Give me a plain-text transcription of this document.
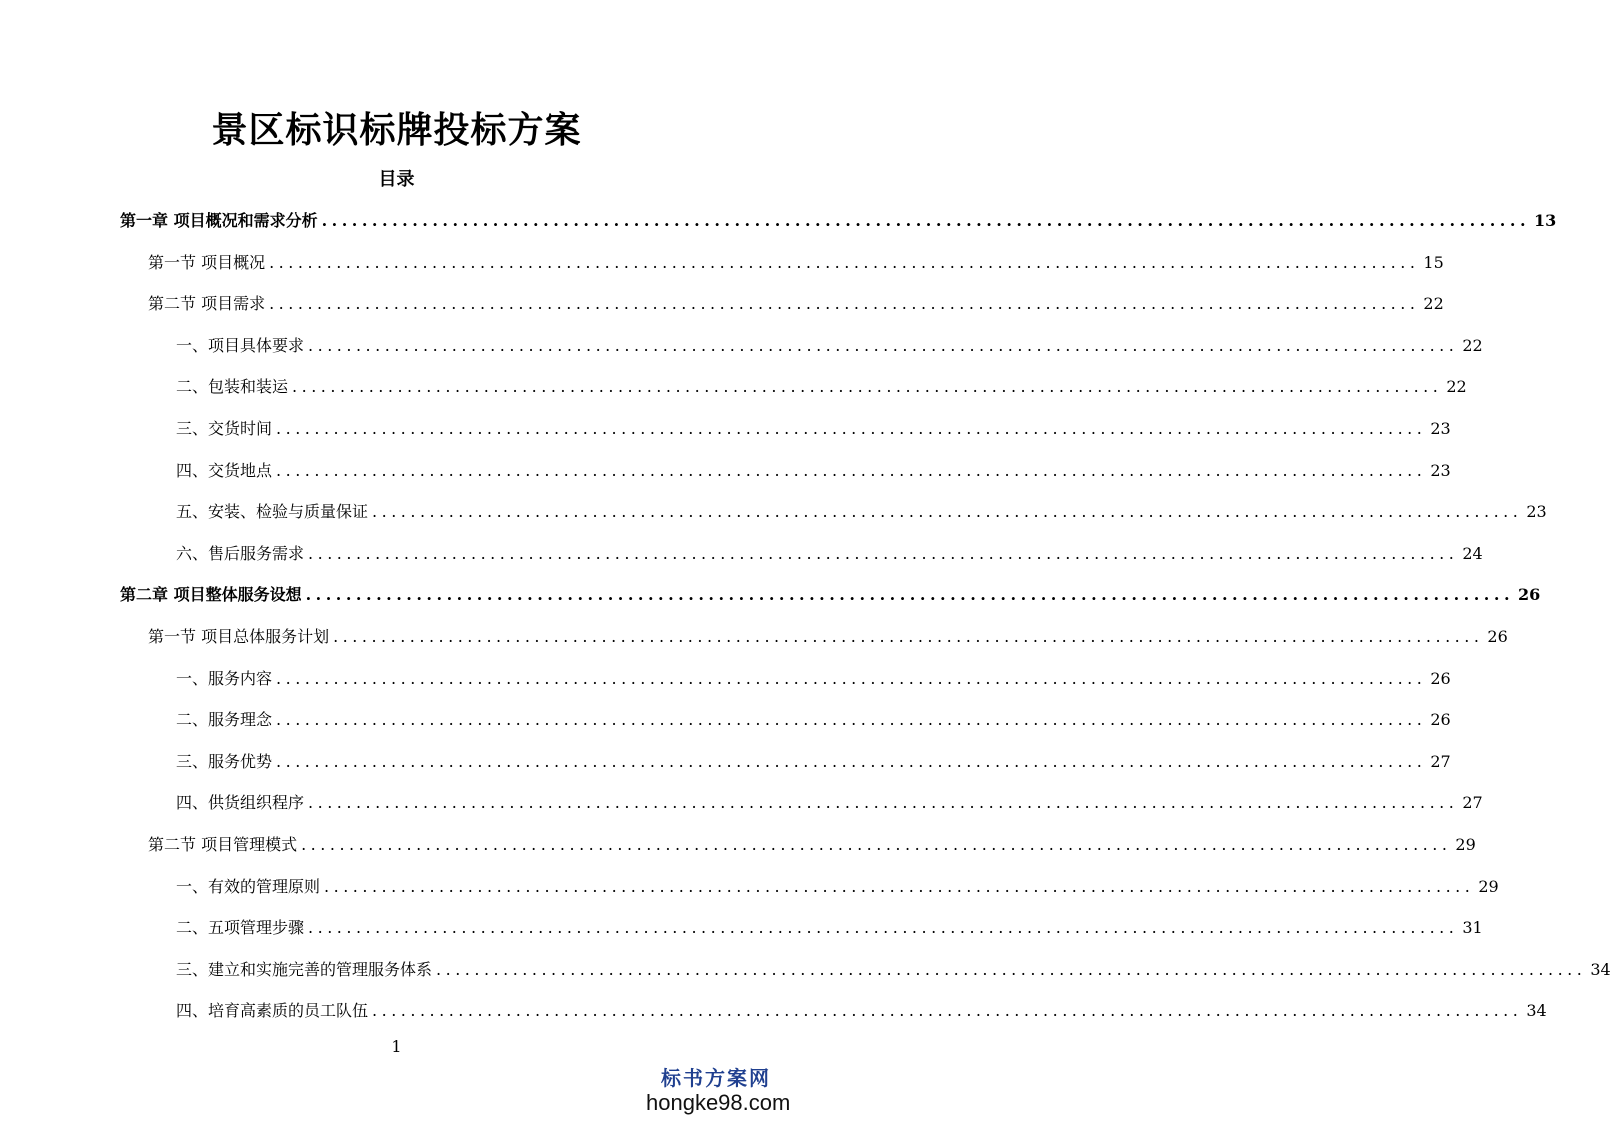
景区标识标牌投标方案
目录
第一章 项目概况和需求分析 ........................................................................................................................ 13
第一节 项目概况 ........................................................................................................................ 15
第二节 项目需求 ........................................................................................................................ 22
一、项目具体要求 ........................................................................................................................ 22
二、包装和装运 ........................................................................................................................ 22
三、交货时间 ........................................................................................................................ 23
四、交货地点 ........................................................................................................................ 23
五、安装、检验与质量保证 ........................................................................................................................ 23
六、售后服务需求 ........................................................................................................................ 24
第二章 项目整体服务设想 ........................................................................................................................ 26
第一节 项目总体服务计划 ........................................................................................................................ 26
一、服务内容 ........................................................................................................................ 26
二、服务理念 ........................................................................................................................ 26
三、服务优势 ........................................................................................................................ 27
四、供货组织程序 ........................................................................................................................ 27
第二节 项目管理模式 ........................................................................................................................ 29
一、有效的管理原则 ........................................................................................................................ 29
二、五项管理步骤 ........................................................................................................................ 31
三、建立和实施完善的管理服务体系 ........................................................................................................................ 34
四、培育高素质的员工队伍 ........................................................................................................................ 34
1
标书方案网
hongke98.com
